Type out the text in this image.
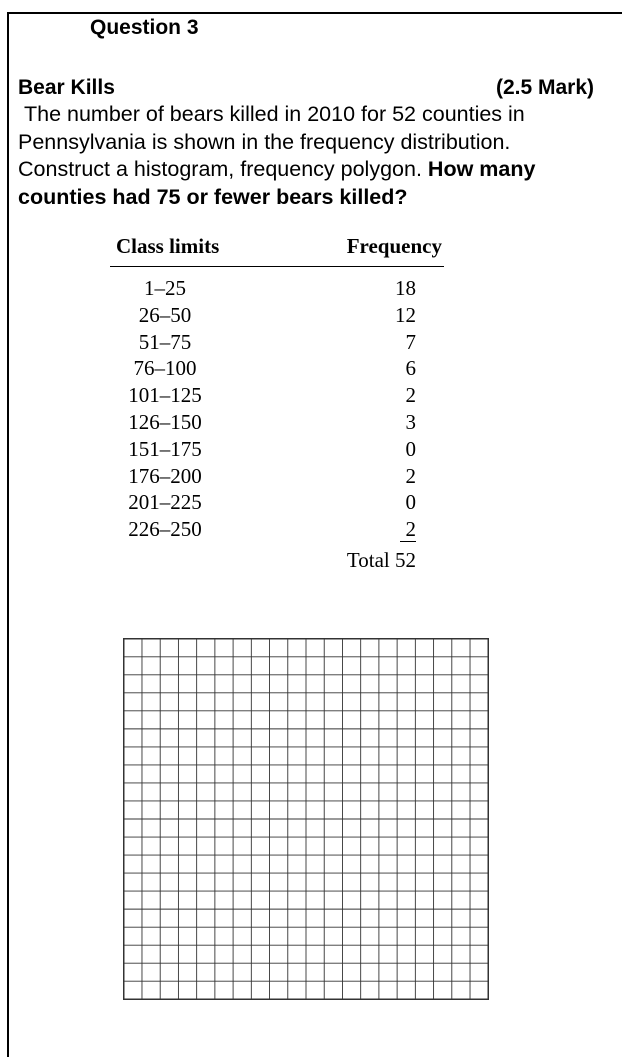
Question 3
Bear Kills	(2.5 Mark)
The number of bears killed in 2010 for 52 counties in
Pennsylvania is shown in the frequency distribution.
Construct a histogram, frequency polygon. How many
counties had 75 or fewer bears killed?
Class limits	Frequency
1–25	18
26–50	12
51–75	7
76–100	6
101–125	2
126–150	3
151–175	0
176–200	2
201–225	0
226–250	2
Total 52
